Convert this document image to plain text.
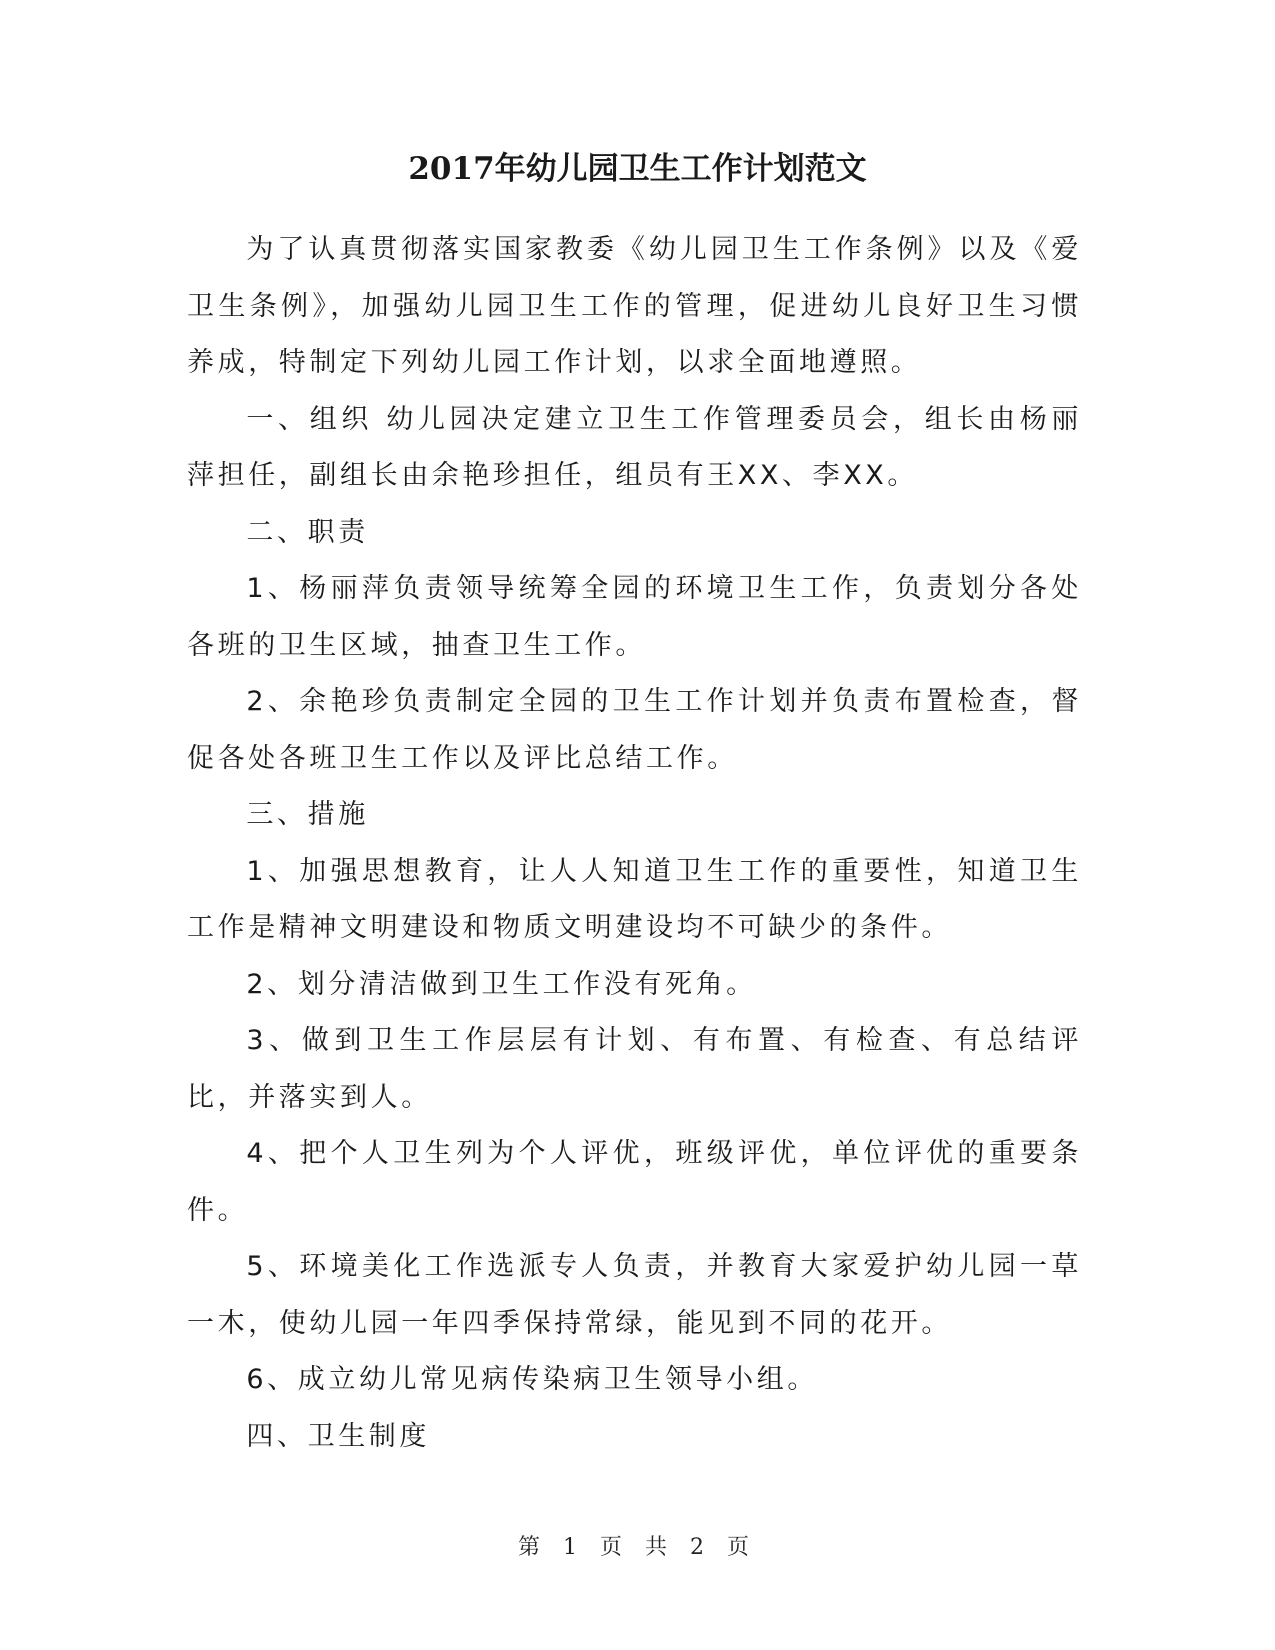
2017年幼儿园卫生工作计划范文

为了认真贯彻落实国家教委《幼儿园卫生工作条例》以及《爱卫生条例》，加强幼儿园卫生工作的管理，促进幼儿良好卫生习惯养成，特制定下列幼儿园工作计划，以求全面地遵照。

一、组织 幼儿园决定建立卫生工作管理委员会，组长由杨丽萍担任，副组长由余艳珍担任，组员有王XX、李XX。

二、职责

1、杨丽萍负责领导统筹全园的环境卫生工作，负责划分各处各班的卫生区域，抽查卫生工作。

2、余艳珍负责制定全园的卫生工作计划并负责布置检查，督促各处各班卫生工作以及评比总结工作。

三、措施

1、加强思想教育，让人人知道卫生工作的重要性，知道卫生工作是精神文明建设和物质文明建设均不可缺少的条件。

2、划分清洁做到卫生工作没有死角。

3、做到卫生工作层层有计划、有布置、有检查、有总结评比，并落实到人。

4、把个人卫生列为个人评优，班级评优，单位评优的重要条件。

5、环境美化工作选派专人负责，并教育大家爱护幼儿园一草一木，使幼儿园一年四季保持常绿，能见到不同的花开。

6、成立幼儿常见病传染病卫生领导小组。

四、卫生制度

第 1 页 共 2 页
